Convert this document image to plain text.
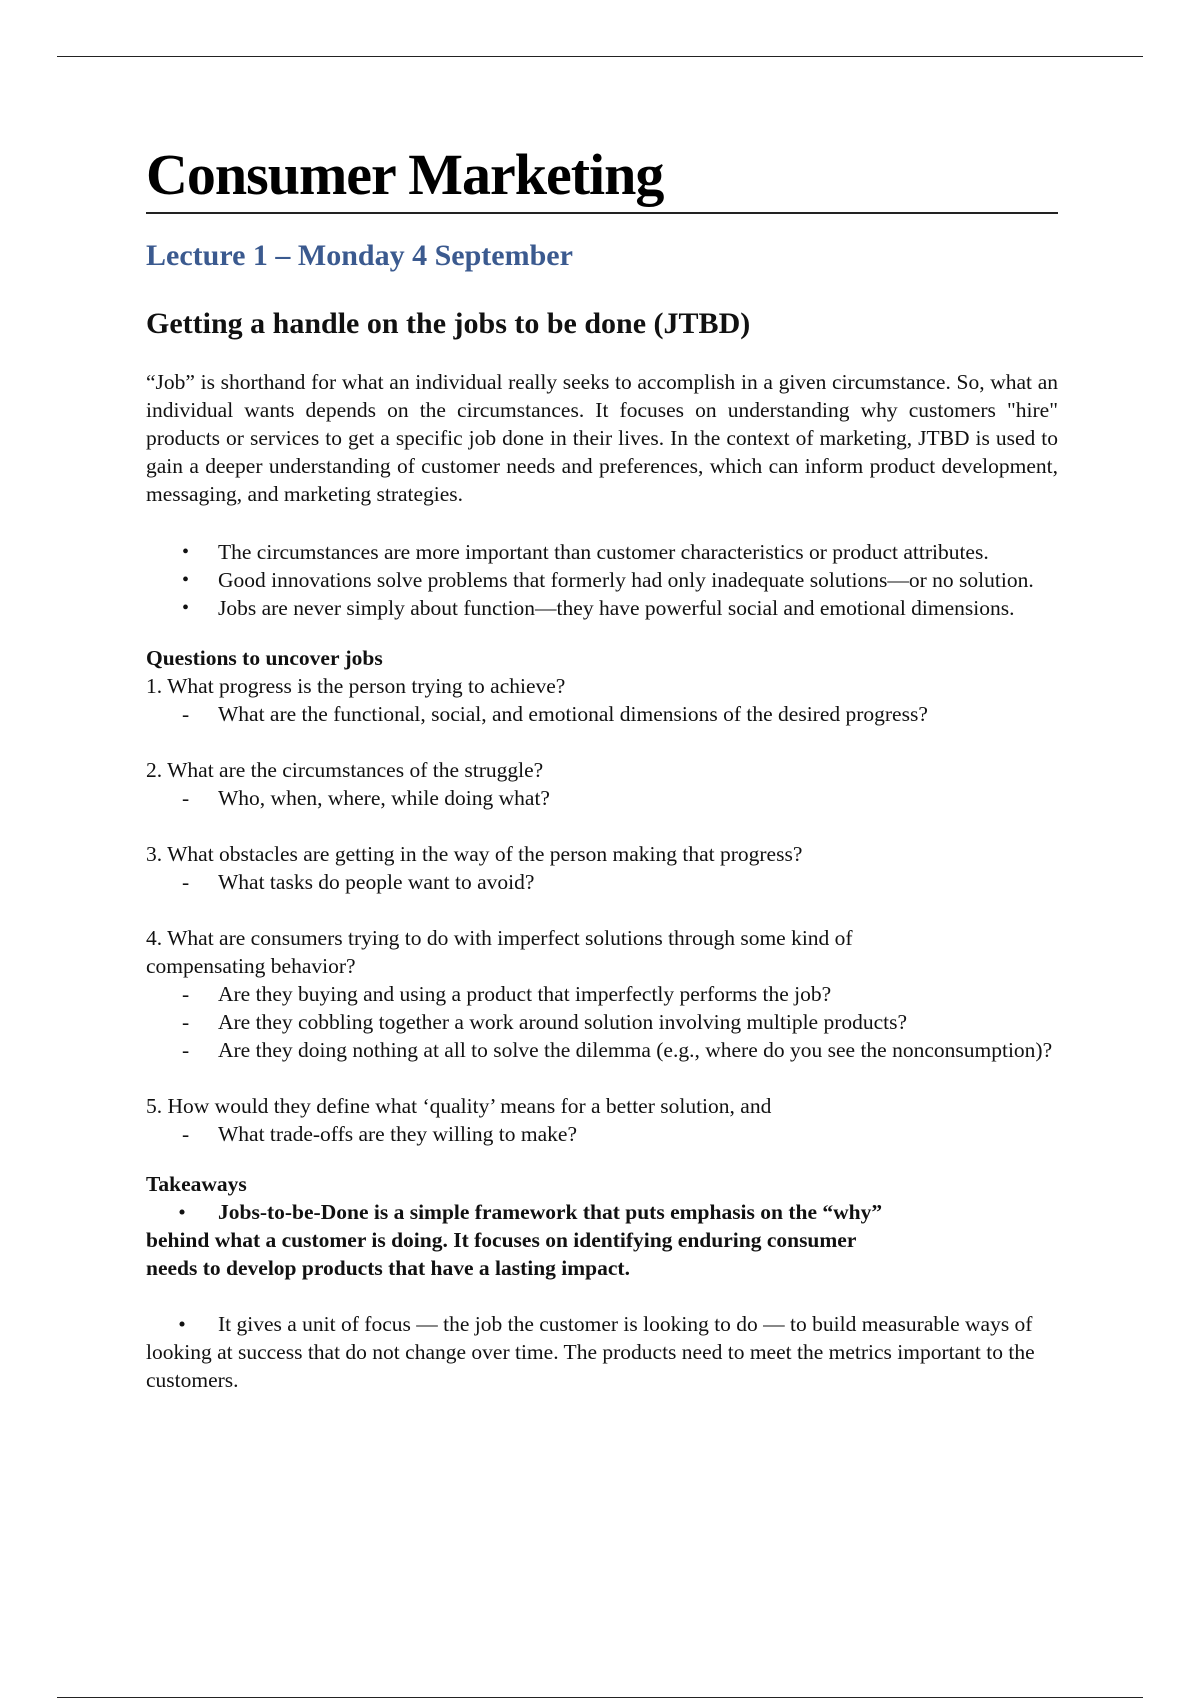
Consumer Marketing
Lecture 1 – Monday 4 September
Getting a handle on the jobs to be done (JTBD)

“Job” is shorthand for what an individual really seeks to accomplish in a given circumstance. So, what an individual wants depends on the circumstances. It focuses on understanding why customers "hire" products or services to get a specific job done in their lives. In the context of marketing, JTBD is used to gain a deeper understanding of customer needs and preferences, which can inform product development, messaging, and marketing strategies.

• The circumstances are more important than customer characteristics or product attributes.
• Good innovations solve problems that formerly had only inadequate solutions—or no solution.
• Jobs are never simply about function—they have powerful social and emotional dimensions.

Questions to uncover jobs

1. What progress is the person trying to achieve?

- What are the functional, social, and emotional dimensions of the desired progress?

2. What are the circumstances of the struggle?

- Who, when, where, while doing what?

3. What obstacles are getting in the way of the person making that progress?

- What tasks do people want to avoid?

4. What are consumers trying to do with imperfect solutions through some kind of compensating behavior?

- Are they buying and using a product that imperfectly performs the job?

- Are they cobbling together a work around solution involving multiple products?

- Are they doing nothing at all to solve the dilemma (e.g., where do you see the nonconsumption)?

5. How would they define what ‘quality’ means for a better solution, and

- What trade-offs are they willing to make?

Takeaways

• Jobs-to-be-Done is a simple framework that puts emphasis on the “why” behind what a customer is doing. It focuses on identifying enduring consumer needs to develop products that have a lasting impact.

• It gives a unit of focus — the job the customer is looking to do — to build measurable ways of looking at success that do not change over time. The products need to meet the metrics important to the customers.
